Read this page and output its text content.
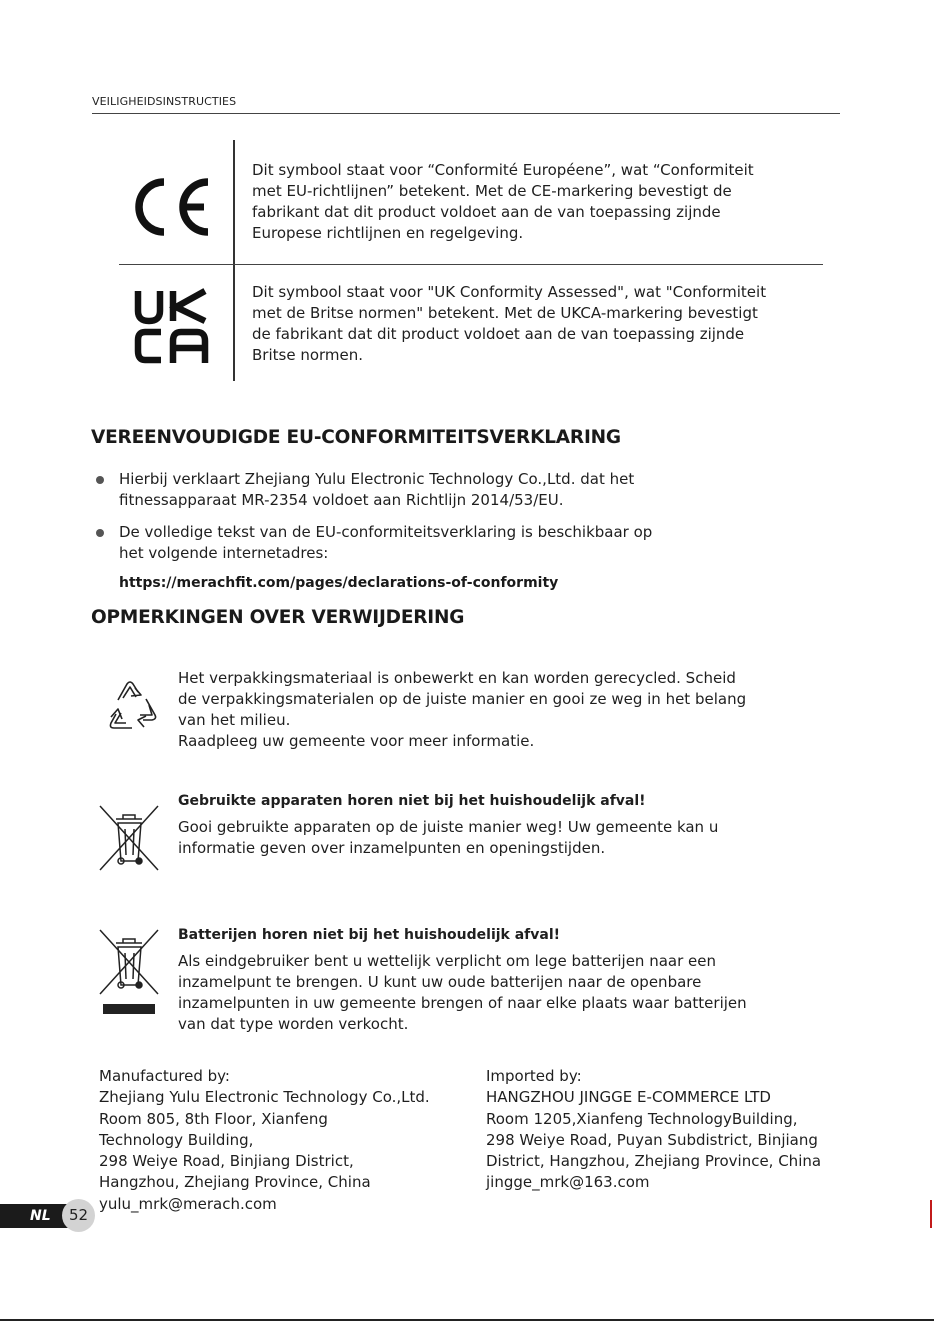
VEILIGHEIDSINSTRUCTIES

Dit symbool staat voor “Conformité Européene”, wat “Conformiteit

met EU-richtlijnen” betekent. Met de CE-markering bevestigt de

fabrikant dat dit product voldoet aan de van toepassing zijnde

Europese richtlijnen en regelgeving.

Dit symbool staat voor "UK Conformity Assessed", wat "Conformiteit

met de Britse normen" betekent. Met de UKCA-markering bevestigt

de fabrikant dat dit product voldoet aan de van toepassing zijnde

Britse normen.

VEREENVOUDIGDE EU-CONFORMITEITSVERKLARING
Hierbij verklaart Zhejiang Yulu Electronic Technology Co.,Ltd. dat het
fitnessapparaat MR-2354 voldoet aan Richtlijn 2014/53/EU.
De volledige tekst van de EU-conformiteitsverklaring is beschikbaar op
het volgende internetadres:
https://merachfit.com/pages/declarations-of-conformity
OPMERKINGEN OVER VERWIJDERING
Het verpakkingsmateriaal is onbewerkt en kan worden gerecycled. Scheid
de verpakkingsmaterialen op de juiste manier en gooi ze weg in het belang
van het milieu.
Raadpleeg uw gemeente voor meer informatie.
Gebruikte apparaten horen niet bij het huishoudelijk afval!
Gooi gebruikte apparaten op de juiste manier weg! Uw gemeente kan u
informatie geven over inzamelpunten en openingstijden.
Batterijen horen niet bij het huishoudelijk afval!
Als eindgebruiker bent u wettelijk verplicht om lege batterijen naar een
inzamelpunt te brengen. U kunt uw oude batterijen naar de openbare
inzamelpunten in uw gemeente brengen of naar elke plaats waar batterijen
van dat type worden verkocht.
Manufactured by:
Zhejiang Yulu Electronic Technology Co.,Ltd.
Room 805, 8th Floor, Xianfeng
Technology Building,
298 Weiye Road, Binjiang District,
Hangzhou, Zhejiang Province, China
yulu_mrk@merach.com
Imported by:
HANGZHOU JINGGE E-COMMERCE LTD
Room 1205,Xianfeng TechnologyBuilding,
298 Weiye Road, Puyan Subdistrict, Binjiang
District, Hangzhou, Zhejiang Province, China
jingge_mrk@163.com
NL	52
